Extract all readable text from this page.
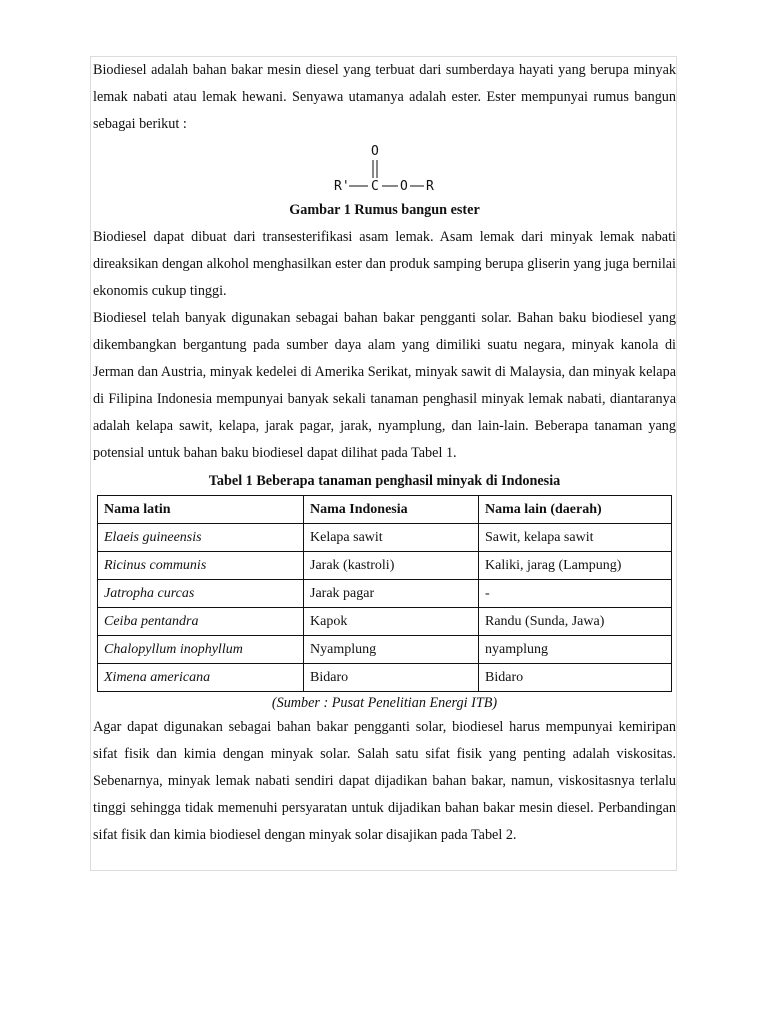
Biodiesel adalah bahan bakar mesin diesel yang terbuat dari sumberdaya hayati yang berupa minyak lemak nabati atau lemak hewani. Senyawa utamanya adalah ester. Ester mempunyai rumus bangun sebagai berikut :

O
R' C O R

Gambar 1 Rumus bangun ester

Biodiesel dapat dibuat dari transesterifikasi asam lemak. Asam lemak dari minyak lemak nabati direaksikan dengan alkohol menghasilkan ester dan produk samping berupa gliserin yang juga bernilai ekonomis cukup tinggi.

Biodiesel telah banyak digunakan sebagai bahan bakar pengganti solar. Bahan baku biodiesel yang dikembangkan bergantung pada sumber daya alam yang dimiliki suatu negara, minyak kanola di Jerman dan Austria, minyak kedelei di Amerika Serikat, minyak sawit di Malaysia, dan minyak kelapa di Filipina Indonesia mempunyai banyak sekali tanaman penghasil minyak lemak nabati, diantaranya adalah kelapa sawit, kelapa, jarak pagar, jarak, nyamplung, dan lain-lain. Beberapa tanaman yang potensial untuk bahan baku biodiesel dapat dilihat pada Tabel 1.

Tabel 1 Beberapa tanaman penghasil minyak di Indonesia

Nama latin	Nama Indonesia	Nama lain (daerah)
Elaeis guineensis	Kelapa sawit	Sawit, kelapa sawit
Ricinus communis	Jarak (kastroli)	Kaliki, jarag (Lampung)
Jatropha curcas	Jarak pagar	-
Ceiba pentandra	Kapok	Randu (Sunda, Jawa)
Chalopyllum inophyllum	Nyamplung	nyamplung
Ximena americana	Bidaro	Bidaro

(Sumber : Pusat Penelitian Energi ITB)

Agar dapat digunakan sebagai bahan bakar pengganti solar, biodiesel harus mempunyai kemiripan sifat fisik dan kimia dengan minyak solar. Salah satu sifat fisik yang penting adalah viskositas. Sebenarnya, minyak lemak nabati sendiri dapat dijadikan bahan bakar, namun, viskositasnya terlalu tinggi sehingga tidak memenuhi persyaratan untuk dijadikan bahan bakar mesin diesel. Perbandingan sifat fisik dan kimia biodiesel dengan minyak solar disajikan pada Tabel 2.
